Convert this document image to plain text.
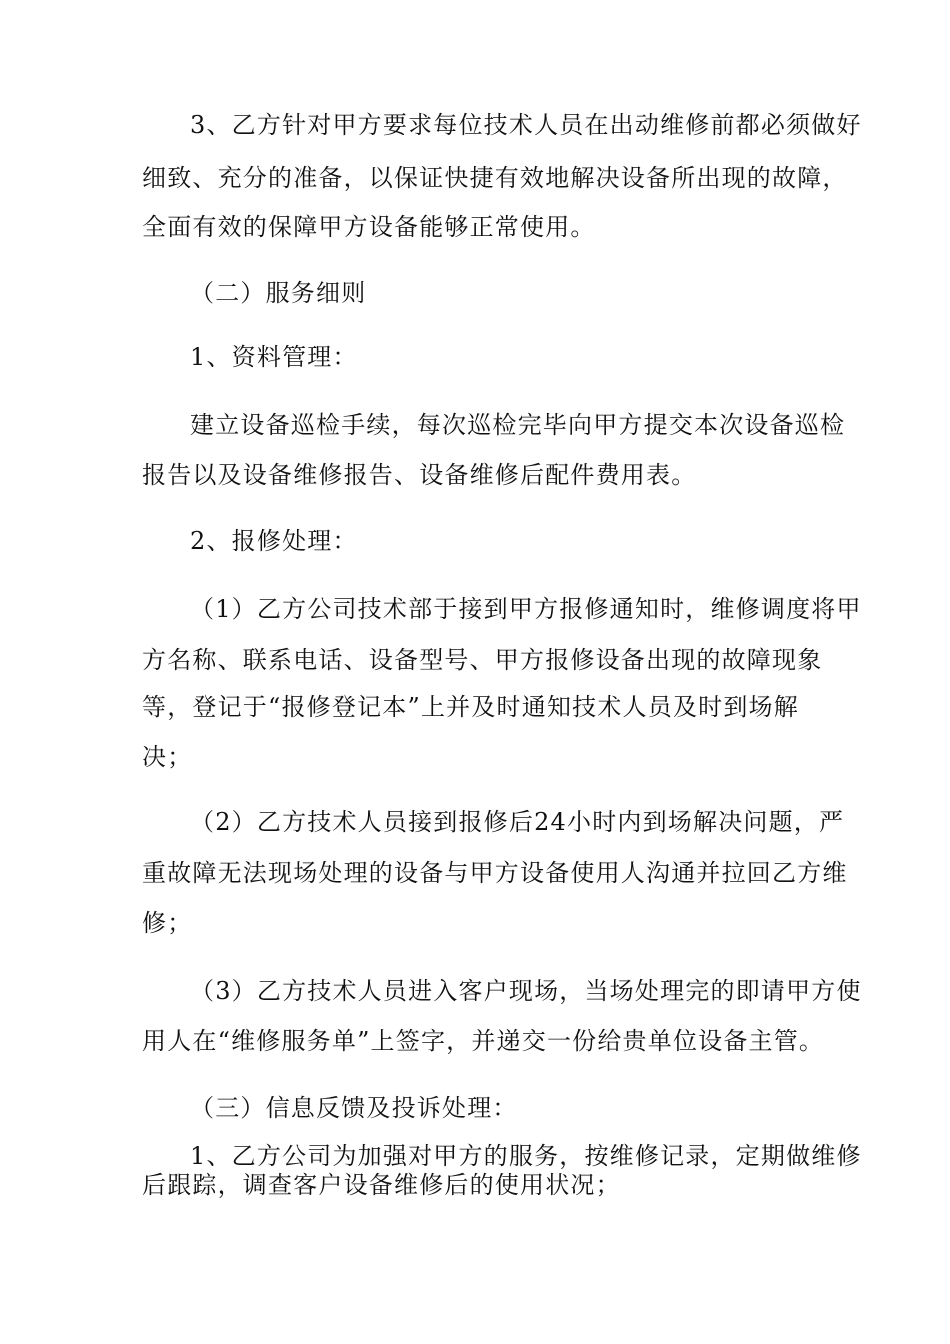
3、乙方针对甲方要求每位技术人员在出动维修前都必须做好
细致、充分的准备，以保证快捷有效地解决设备所出现的故障，
全面有效的保障甲方设备能够正常使用。
（二）服务细则
1、资料管理：
建立设备巡检手续，每次巡检完毕向甲方提交本次设备巡检
报告以及设备维修报告、设备维修后配件费用表。
2、报修处理：
（1）乙方公司技术部于接到甲方报修通知时，维修调度将甲
方名称、联系电话、设备型号、甲方报修设备出现的故障现象
等，登记于“报修登记本”上并及时通知技术人员及时到场解
决；
（2）乙方技术人员接到报修后24小时内到场解决问题，严
重故障无法现场处理的设备与甲方设备使用人沟通并拉回乙方维
修；
（3）乙方技术人员进入客户现场，当场处理完的即请甲方使
用人在“维修服务单”上签字，并递交一份给贵单位设备主管。
（三）信息反馈及投诉处理：
1、乙方公司为加强对甲方的服务，按维修记录，定期做维修
后跟踪，调查客户设备维修后的使用状况；
